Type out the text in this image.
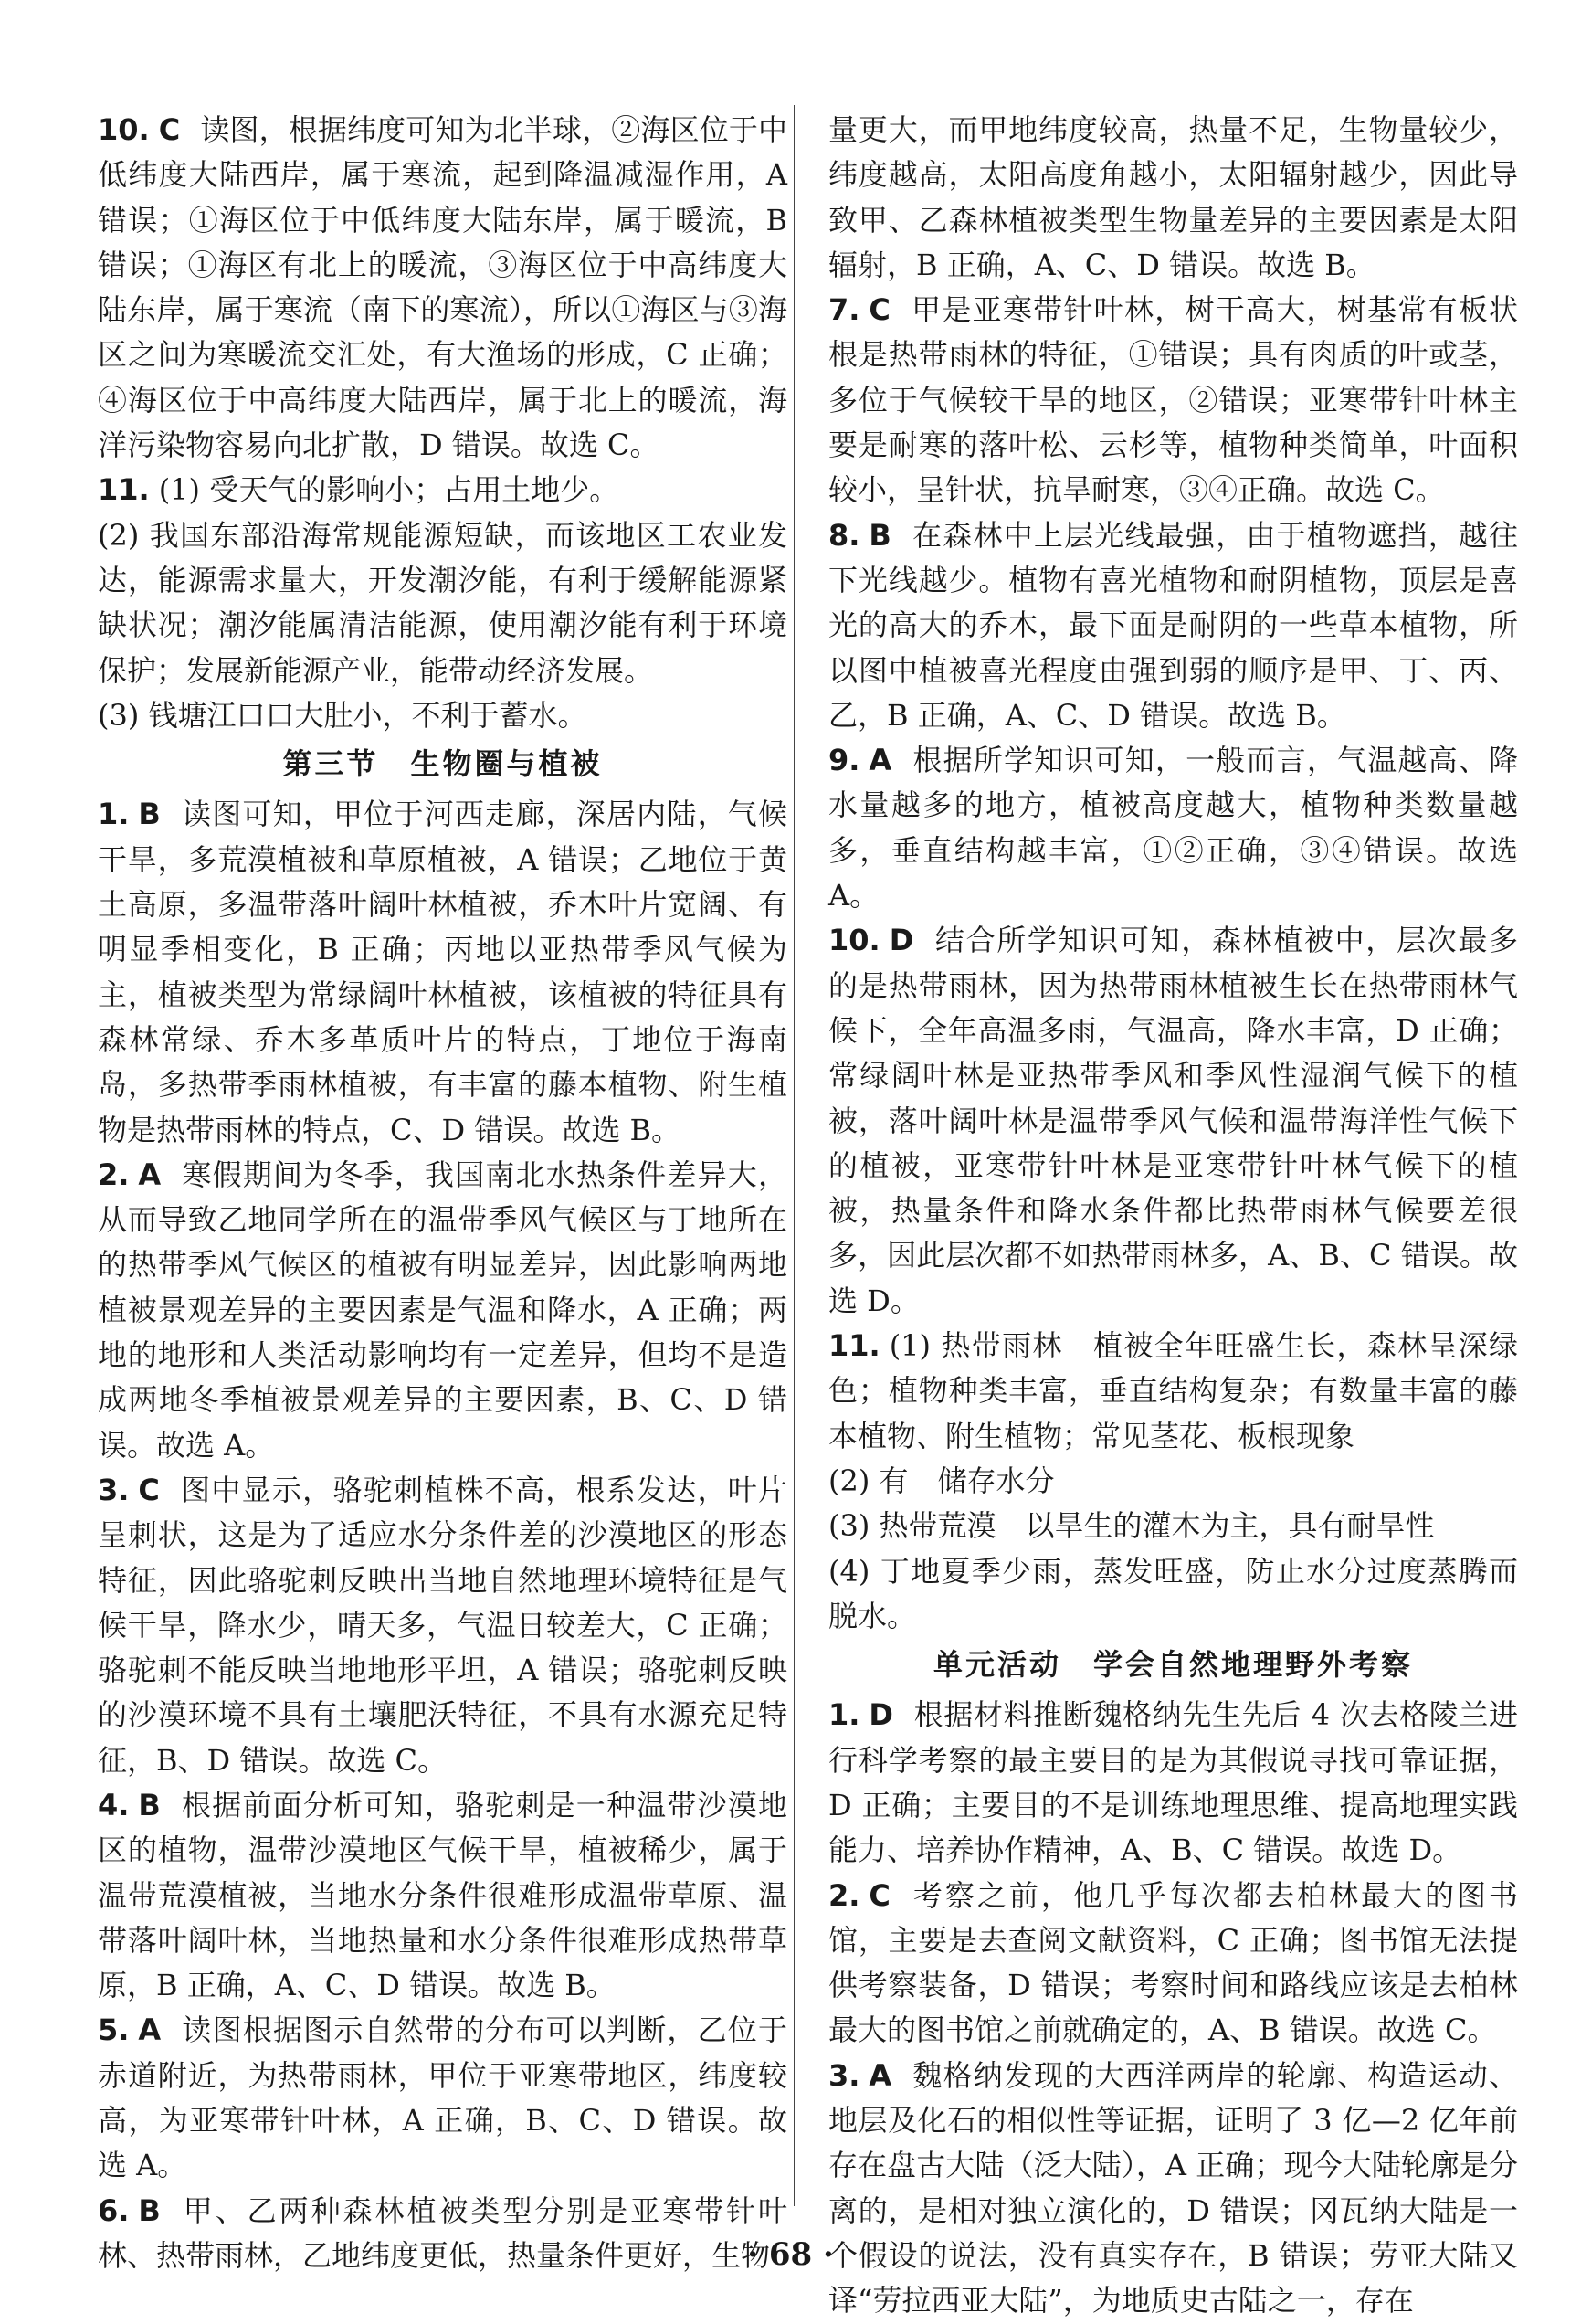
10. C 读图，根据纬度可知为北半球，②海区位于中低纬度大陆西岸，属于寒流，起到降温减湿作用，A 错误；①海区位于中低纬度大陆东岸，属于暖流，B 错误；①海区有北上的暖流，③海区位于中高纬度大陆东岸，属于寒流（南下的寒流），所以①海区与③海区之间为寒暖流交汇处，有大渔场的形成，C 正确；④海区位于中高纬度大陆西岸，属于北上的暖流，海洋污染物容易向北扩散，D 错误。故选 C。

11. (1) 受天气的影响小；占用土地少。

(2) 我国东部沿海常规能源短缺，而该地区工农业发达，能源需求量大，开发潮汐能，有利于缓解能源紧缺状况；潮汐能属清洁能源，使用潮汐能有利于环境保护；发展新能源产业，能带动经济发展。

(3) 钱塘江口口大肚小，不利于蓄水。

第三节　生物圈与植被

1. B 读图可知，甲位于河西走廊，深居内陆，气候干旱，多荒漠植被和草原植被，A 错误；乙地位于黄土高原，多温带落叶阔叶林植被，乔木叶片宽阔、有明显季相变化，B 正确；丙地以亚热带季风气候为主，植被类型为常绿阔叶林植被，该植被的特征具有森林常绿、乔木多革质叶片的特点，丁地位于海南岛，多热带季雨林植被，有丰富的藤本植物、附生植物是热带雨林的特点，C、D 错误。故选 B。

2. A 寒假期间为冬季，我国南北水热条件差异大，从而导致乙地同学所在的温带季风气候区与丁地所在的热带季风气候区的植被有明显差异，因此影响两地植被景观差异的主要因素是气温和降水，A 正确；两地的地形和人类活动影响均有一定差异，但均不是造成两地冬季植被景观差异的主要因素，B、C、D 错误。故选 A。

3. C 图中显示，骆驼刺植株不高，根系发达，叶片呈刺状，这是为了适应水分条件差的沙漠地区的形态特征，因此骆驼刺反映出当地自然地理环境特征是气候干旱，降水少，晴天多，气温日较差大，C 正确；骆驼刺不能反映当地地形平坦，A 错误；骆驼刺反映的沙漠环境不具有土壤肥沃特征，不具有水源充足特征，B、D 错误。故选 C。

4. B 根据前面分析可知，骆驼刺是一种温带沙漠地区的植物，温带沙漠地区气候干旱，植被稀少，属于温带荒漠植被，当地水分条件很难形成温带草原、温带落叶阔叶林，当地热量和水分条件很难形成热带草原，B 正确，A、C、D 错误。故选 B。

5. A 读图根据图示自然带的分布可以判断，乙位于赤道附近，为热带雨林，甲位于亚寒带地区，纬度较高，为亚寒带针叶林，A 正确，B、C、D 错误。故选 A。

6. B 甲、乙两种森林植被类型分别是亚寒带针叶林、热带雨林，乙地纬度更低，热量条件更好，生物

量更大，而甲地纬度较高，热量不足，生物量较少，纬度越高，太阳高度角越小，太阳辐射越少，因此导致甲、乙森林植被类型生物量差异的主要因素是太阳辐射，B 正确，A、C、D 错误。故选 B。

7. C 甲是亚寒带针叶林，树干高大，树基常有板状根是热带雨林的特征，①错误；具有肉质的叶或茎，多位于气候较干旱的地区，②错误；亚寒带针叶林主要是耐寒的落叶松、云杉等，植物种类简单，叶面积较小，呈针状，抗旱耐寒，③④正确。故选 C。

8. B 在森林中上层光线最强，由于植物遮挡，越往下光线越少。植物有喜光植物和耐阴植物，顶层是喜光的高大的乔木，最下面是耐阴的一些草本植物，所以图中植被喜光程度由强到弱的顺序是甲、丁、丙、乙，B 正确，A、C、D 错误。故选 B。

9. A 根据所学知识可知，一般而言，气温越高、降水量越多的地方，植被高度越大，植物种类数量越多，垂直结构越丰富，①②正确，③④错误。故选 A。

10. D 结合所学知识可知，森林植被中，层次最多的是热带雨林，因为热带雨林植被生长在热带雨林气候下，全年高温多雨，气温高，降水丰富，D 正确；常绿阔叶林是亚热带季风和季风性湿润气候下的植被，落叶阔叶林是温带季风气候和温带海洋性气候下的植被，亚寒带针叶林是亚寒带针叶林气候下的植被，热量条件和降水条件都比热带雨林气候要差很多，因此层次都不如热带雨林多，A、B、C 错误。故选 D。

11. (1) 热带雨林　植被全年旺盛生长，森林呈深绿色；植物种类丰富，垂直结构复杂；有数量丰富的藤本植物、附生植物；常见茎花、板根现象

(2) 有　储存水分

(3) 热带荒漠　以旱生的灌木为主，具有耐旱性

(4) 丁地夏季少雨，蒸发旺盛，防止水分过度蒸腾而脱水。

单元活动　学会自然地理野外考察

1. D 根据材料推断魏格纳先生先后 4 次去格陵兰进行科学考察的最主要目的是为其假说寻找可靠证据，D 正确；主要目的不是训练地理思维、提高地理实践能力、培养协作精神，A、B、C 错误。故选 D。

2. C 考察之前，他几乎每次都去柏林最大的图书馆，主要是去查阅文献资料，C 正确；图书馆无法提供考察装备，D 错误；考察时间和路线应该是去柏林最大的图书馆之前就确定的，A、B 错误。故选 C。

3. A 魏格纳发现的大西洋两岸的轮廓、构造运动、地层及化石的相似性等证据，证明了 3 亿—2 亿年前存在盘古大陆（泛大陆），A 正确；现今大陆轮廓是分离的，是相对独立演化的，D 错误；冈瓦纳大陆是一个假设的说法，没有真实存在，B 错误；劳亚大陆又译“劳拉西亚大陆”，为地质史古陆之一，存在

· 68 ·
